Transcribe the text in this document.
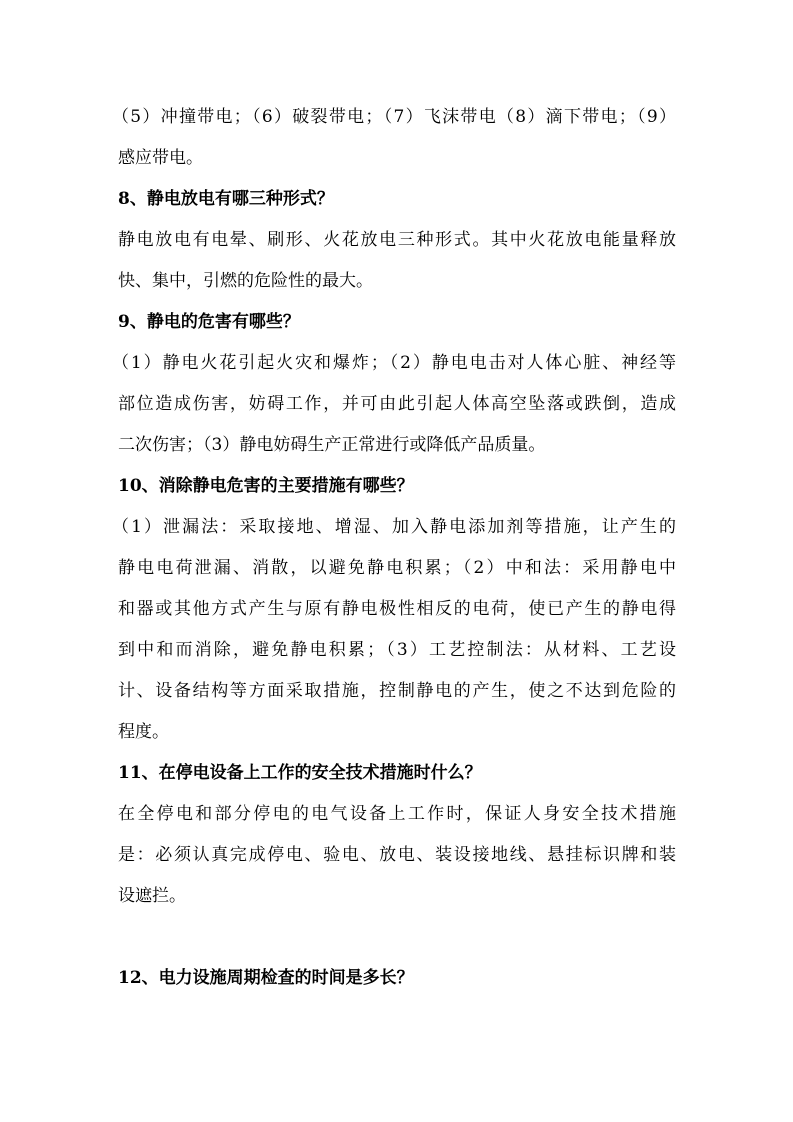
（5）冲撞带电；（6）破裂带电；（7）飞沫带电（8）滴下带电；（9）
感应带电。
8、静电放电有哪三种形式？
静电放电有电晕、刷形、火花放电三种形式。其中火花放电能量释放
快、集中，引燃的危险性的最大。
9、静电的危害有哪些？
（1）静电火花引起火灾和爆炸；（2）静电电击对人体心脏、神经等
部位造成伤害，妨碍工作，并可由此引起人体高空坠落或跌倒，造成
二次伤害；（3）静电妨碍生产正常进行或降低产品质量。
10、消除静电危害的主要措施有哪些？
（1）泄漏法：采取接地、增湿、加入静电添加剂等措施，让产生的
静电电荷泄漏、消散，以避免静电积累；（2）中和法：采用静电中
和器或其他方式产生与原有静电极性相反的电荷，使已产生的静电得
到中和而消除，避免静电积累；（3）工艺控制法：从材料、工艺设
计、设备结构等方面采取措施，控制静电的产生，使之不达到危险的
程度。
11、在停电设备上工作的安全技术措施时什么？
在全停电和部分停电的电气设备上工作时，保证人身安全技术措施
是：必须认真完成停电、验电、放电、装设接地线、悬挂标识牌和装
设遮拦。
12、电力设施周期检查的时间是多长？
